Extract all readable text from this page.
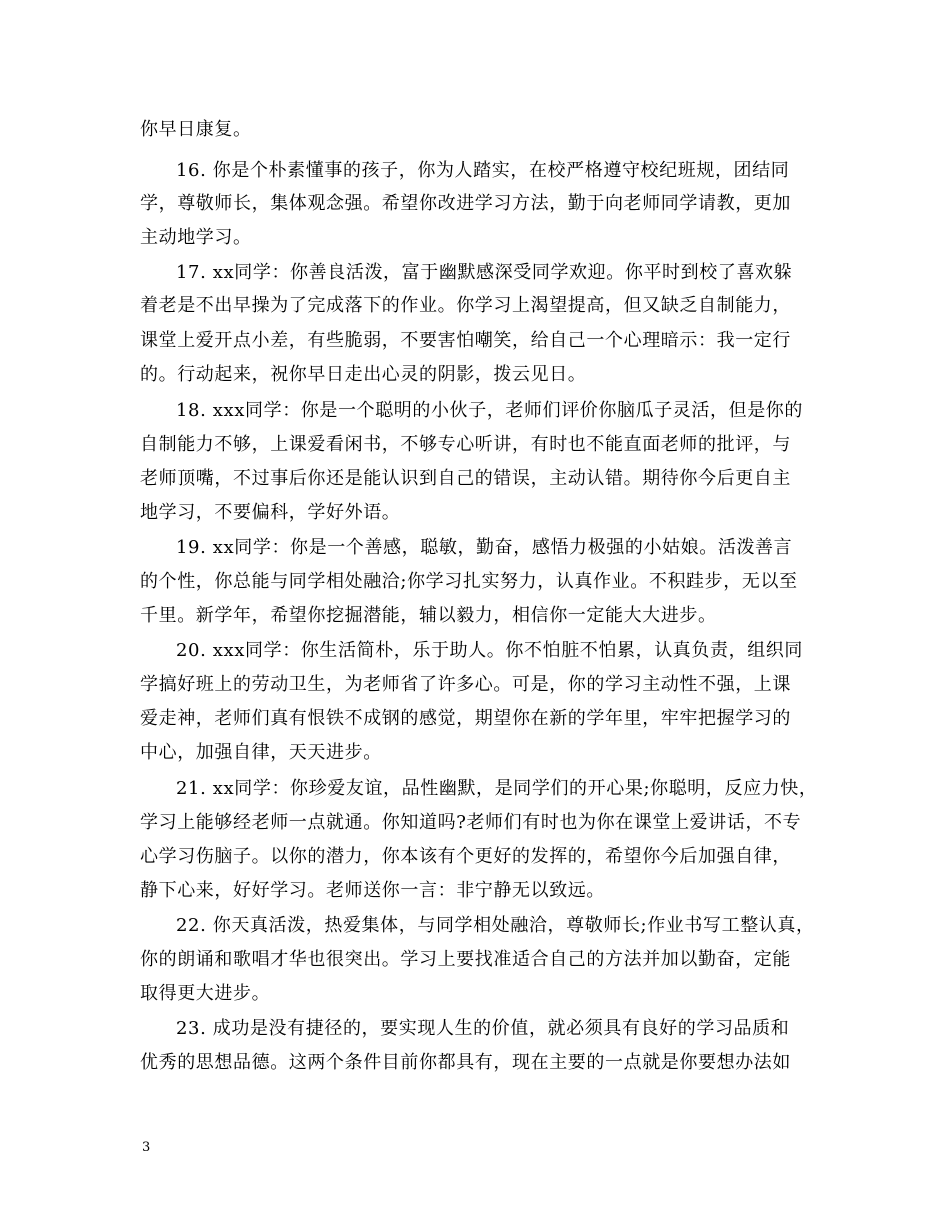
你早日康复。
16. 你是个朴素懂事的孩子，你为人踏实，在校严格遵守校纪班规，团结同
学，尊敬师长，集体观念强。希望你改进学习方法，勤于向老师同学请教，更加
主动地学习。
17. xx同学：你善良活泼，富于幽默感深受同学欢迎。你平时到校了喜欢躲
着老是不出早操为了完成落下的作业。你学习上渴望提高，但又缺乏自制能力，
课堂上爱开点小差，有些脆弱，不要害怕嘲笑，给自己一个心理暗示：我一定行
的。行动起来，祝你早日走出心灵的阴影，拨云见日。
18. xxx同学：你是一个聪明的小伙子，老师们评价你脑瓜子灵活，但是你的
自制能力不够，上课爱看闲书，不够专心听讲，有时也不能直面老师的批评，与
老师顶嘴，不过事后你还是能认识到自己的错误，主动认错。期待你今后更自主
地学习，不要偏科，学好外语。
19. xx同学：你是一个善感，聪敏，勤奋，感悟力极强的小姑娘。活泼善言
的个性，你总能与同学相处融洽;你学习扎实努力，认真作业。不积跬步，无以至
千里。新学年，希望你挖掘潜能，辅以毅力，相信你一定能大大进步。
20. xxx同学：你生活简朴，乐于助人。你不怕脏不怕累，认真负责，组织同
学搞好班上的劳动卫生，为老师省了许多心。可是，你的学习主动性不强，上课
爱走神，老师们真有恨铁不成钢的感觉，期望你在新的学年里，牢牢把握学习的
中心，加强自律，天天进步。
21. xx同学：你珍爱友谊，品性幽默，是同学们的开心果;你聪明，反应力快，
学习上能够经老师一点就通。你知道吗?老师们有时也为你在课堂上爱讲话，不专
心学习伤脑子。以你的潜力，你本该有个更好的发挥的，希望你今后加强自律，
静下心来，好好学习。老师送你一言：非宁静无以致远。
22. 你天真活泼，热爱集体，与同学相处融洽，尊敬师长;作业书写工整认真，
你的朗诵和歌唱才华也很突出。学习上要找准适合自己的方法并加以勤奋，定能
取得更大进步。
23. 成功是没有捷径的，要实现人生的价值，就必须具有良好的学习品质和
优秀的思想品德。这两个条件目前你都具有，现在主要的一点就是你要想办法如
3
